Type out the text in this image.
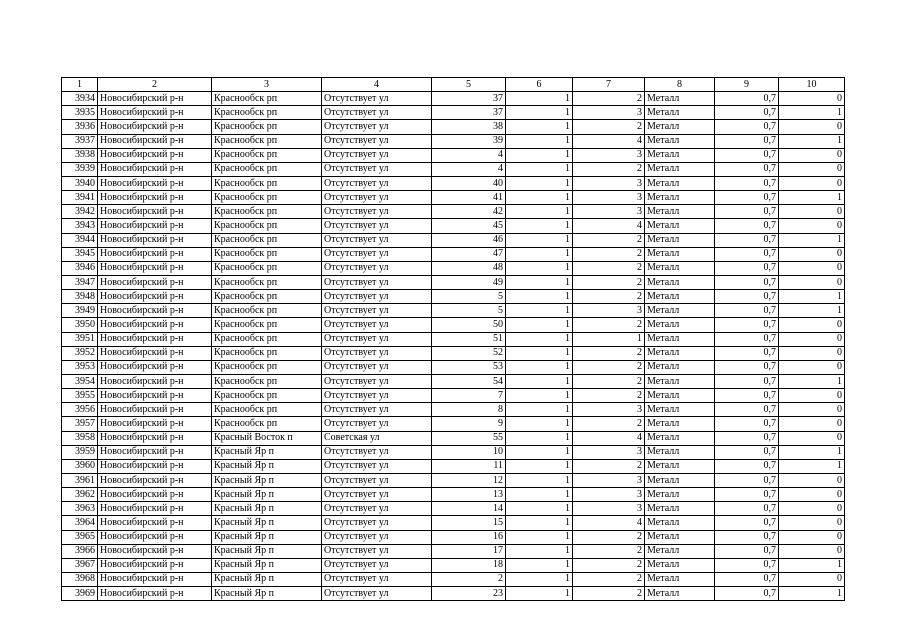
1	2	3	4	5	6	7	8	9	10
3934	Новосибирский р-н	Краснообск рп	Отсутствует ул	37	1	2	Металл	0,7	0
3935	Новосибирский р-н	Краснообск рп	Отсутствует ул	37	1	3	Металл	0,7	1
3936	Новосибирский р-н	Краснообск рп	Отсутствует ул	38	1	2	Металл	0,7	0
3937	Новосибирский р-н	Краснообск рп	Отсутствует ул	39	1	4	Металл	0,7	1
3938	Новосибирский р-н	Краснообск рп	Отсутствует ул	4	1	3	Металл	0,7	0
3939	Новосибирский р-н	Краснообск рп	Отсутствует ул	4	1	2	Металл	0,7	0
3940	Новосибирский р-н	Краснообск рп	Отсутствует ул	40	1	3	Металл	0,7	0
3941	Новосибирский р-н	Краснообск рп	Отсутствует ул	41	1	3	Металл	0,7	1
3942	Новосибирский р-н	Краснообск рп	Отсутствует ул	42	1	3	Металл	0,7	0
3943	Новосибирский р-н	Краснообск рп	Отсутствует ул	45	1	4	Металл	0,7	0
3944	Новосибирский р-н	Краснообск рп	Отсутствует ул	46	1	2	Металл	0,7	1
3945	Новосибирский р-н	Краснообск рп	Отсутствует ул	47	1	2	Металл	0,7	0
3946	Новосибирский р-н	Краснообск рп	Отсутствует ул	48	1	2	Металл	0,7	0
3947	Новосибирский р-н	Краснообск рп	Отсутствует ул	49	1	2	Металл	0,7	0
3948	Новосибирский р-н	Краснообск рп	Отсутствует ул	5	1	2	Металл	0,7	1
3949	Новосибирский р-н	Краснообск рп	Отсутствует ул	5	1	3	Металл	0,7	1
3950	Новосибирский р-н	Краснообск рп	Отсутствует ул	50	1	2	Металл	0,7	0
3951	Новосибирский р-н	Краснообск рп	Отсутствует ул	51	1	1	Металл	0,7	0
3952	Новосибирский р-н	Краснообск рп	Отсутствует ул	52	1	2	Металл	0,7	0
3953	Новосибирский р-н	Краснообск рп	Отсутствует ул	53	1	2	Металл	0,7	0
3954	Новосибирский р-н	Краснообск рп	Отсутствует ул	54	1	2	Металл	0,7	1
3955	Новосибирский р-н	Краснообск рп	Отсутствует ул	7	1	2	Металл	0,7	0
3956	Новосибирский р-н	Краснообск рп	Отсутствует ул	8	1	3	Металл	0,7	0
3957	Новосибирский р-н	Краснообск рп	Отсутствует ул	9	1	2	Металл	0,7	0
3958	Новосибирский р-н	Красный Восток п	Советская ул	55	1	4	Металл	0,7	0
3959	Новосибирский р-н	Красный Яр п	Отсутствует ул	10	1	3	Металл	0,7	1
3960	Новосибирский р-н	Красный Яр п	Отсутствует ул	11	1	2	Металл	0,7	1
3961	Новосибирский р-н	Красный Яр п	Отсутствует ул	12	1	3	Металл	0,7	0
3962	Новосибирский р-н	Красный Яр п	Отсутствует ул	13	1	3	Металл	0,7	0
3963	Новосибирский р-н	Красный Яр п	Отсутствует ул	14	1	3	Металл	0,7	0
3964	Новосибирский р-н	Красный Яр п	Отсутствует ул	15	1	4	Металл	0,7	0
3965	Новосибирский р-н	Красный Яр п	Отсутствует ул	16	1	2	Металл	0,7	0
3966	Новосибирский р-н	Красный Яр п	Отсутствует ул	17	1	2	Металл	0,7	0
3967	Новосибирский р-н	Красный Яр п	Отсутствует ул	18	1	2	Металл	0,7	1
3968	Новосибирский р-н	Красный Яр п	Отсутствует ул	2	1	2	Металл	0,7	0
3969	Новосибирский р-н	Красный Яр п	Отсутствует ул	23	1	2	Металл	0,7	1
